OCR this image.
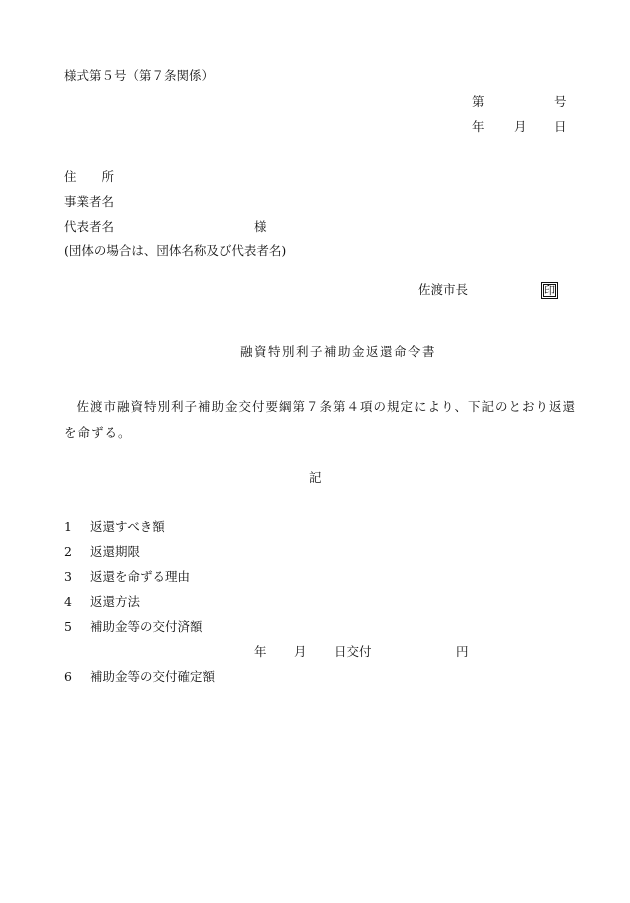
様式第５号（第７条関係）
第	号
年 月 日
住　　所
事業者名
代表者名	様
(団体の場合は、団体名称及び代表者名)
佐渡市長	印
融資特別利子補助金返還命令書
佐渡市融資特別利子補助金交付要綱第７条第４項の規定により、下記のとおり返還を命ずる。
記
1 返還すべき額
2 返還期限
3 返還を命ずる理由
4 返還方法
5 補助金等の交付済額
年 月 日交付	円
6 補助金等の交付確定額
